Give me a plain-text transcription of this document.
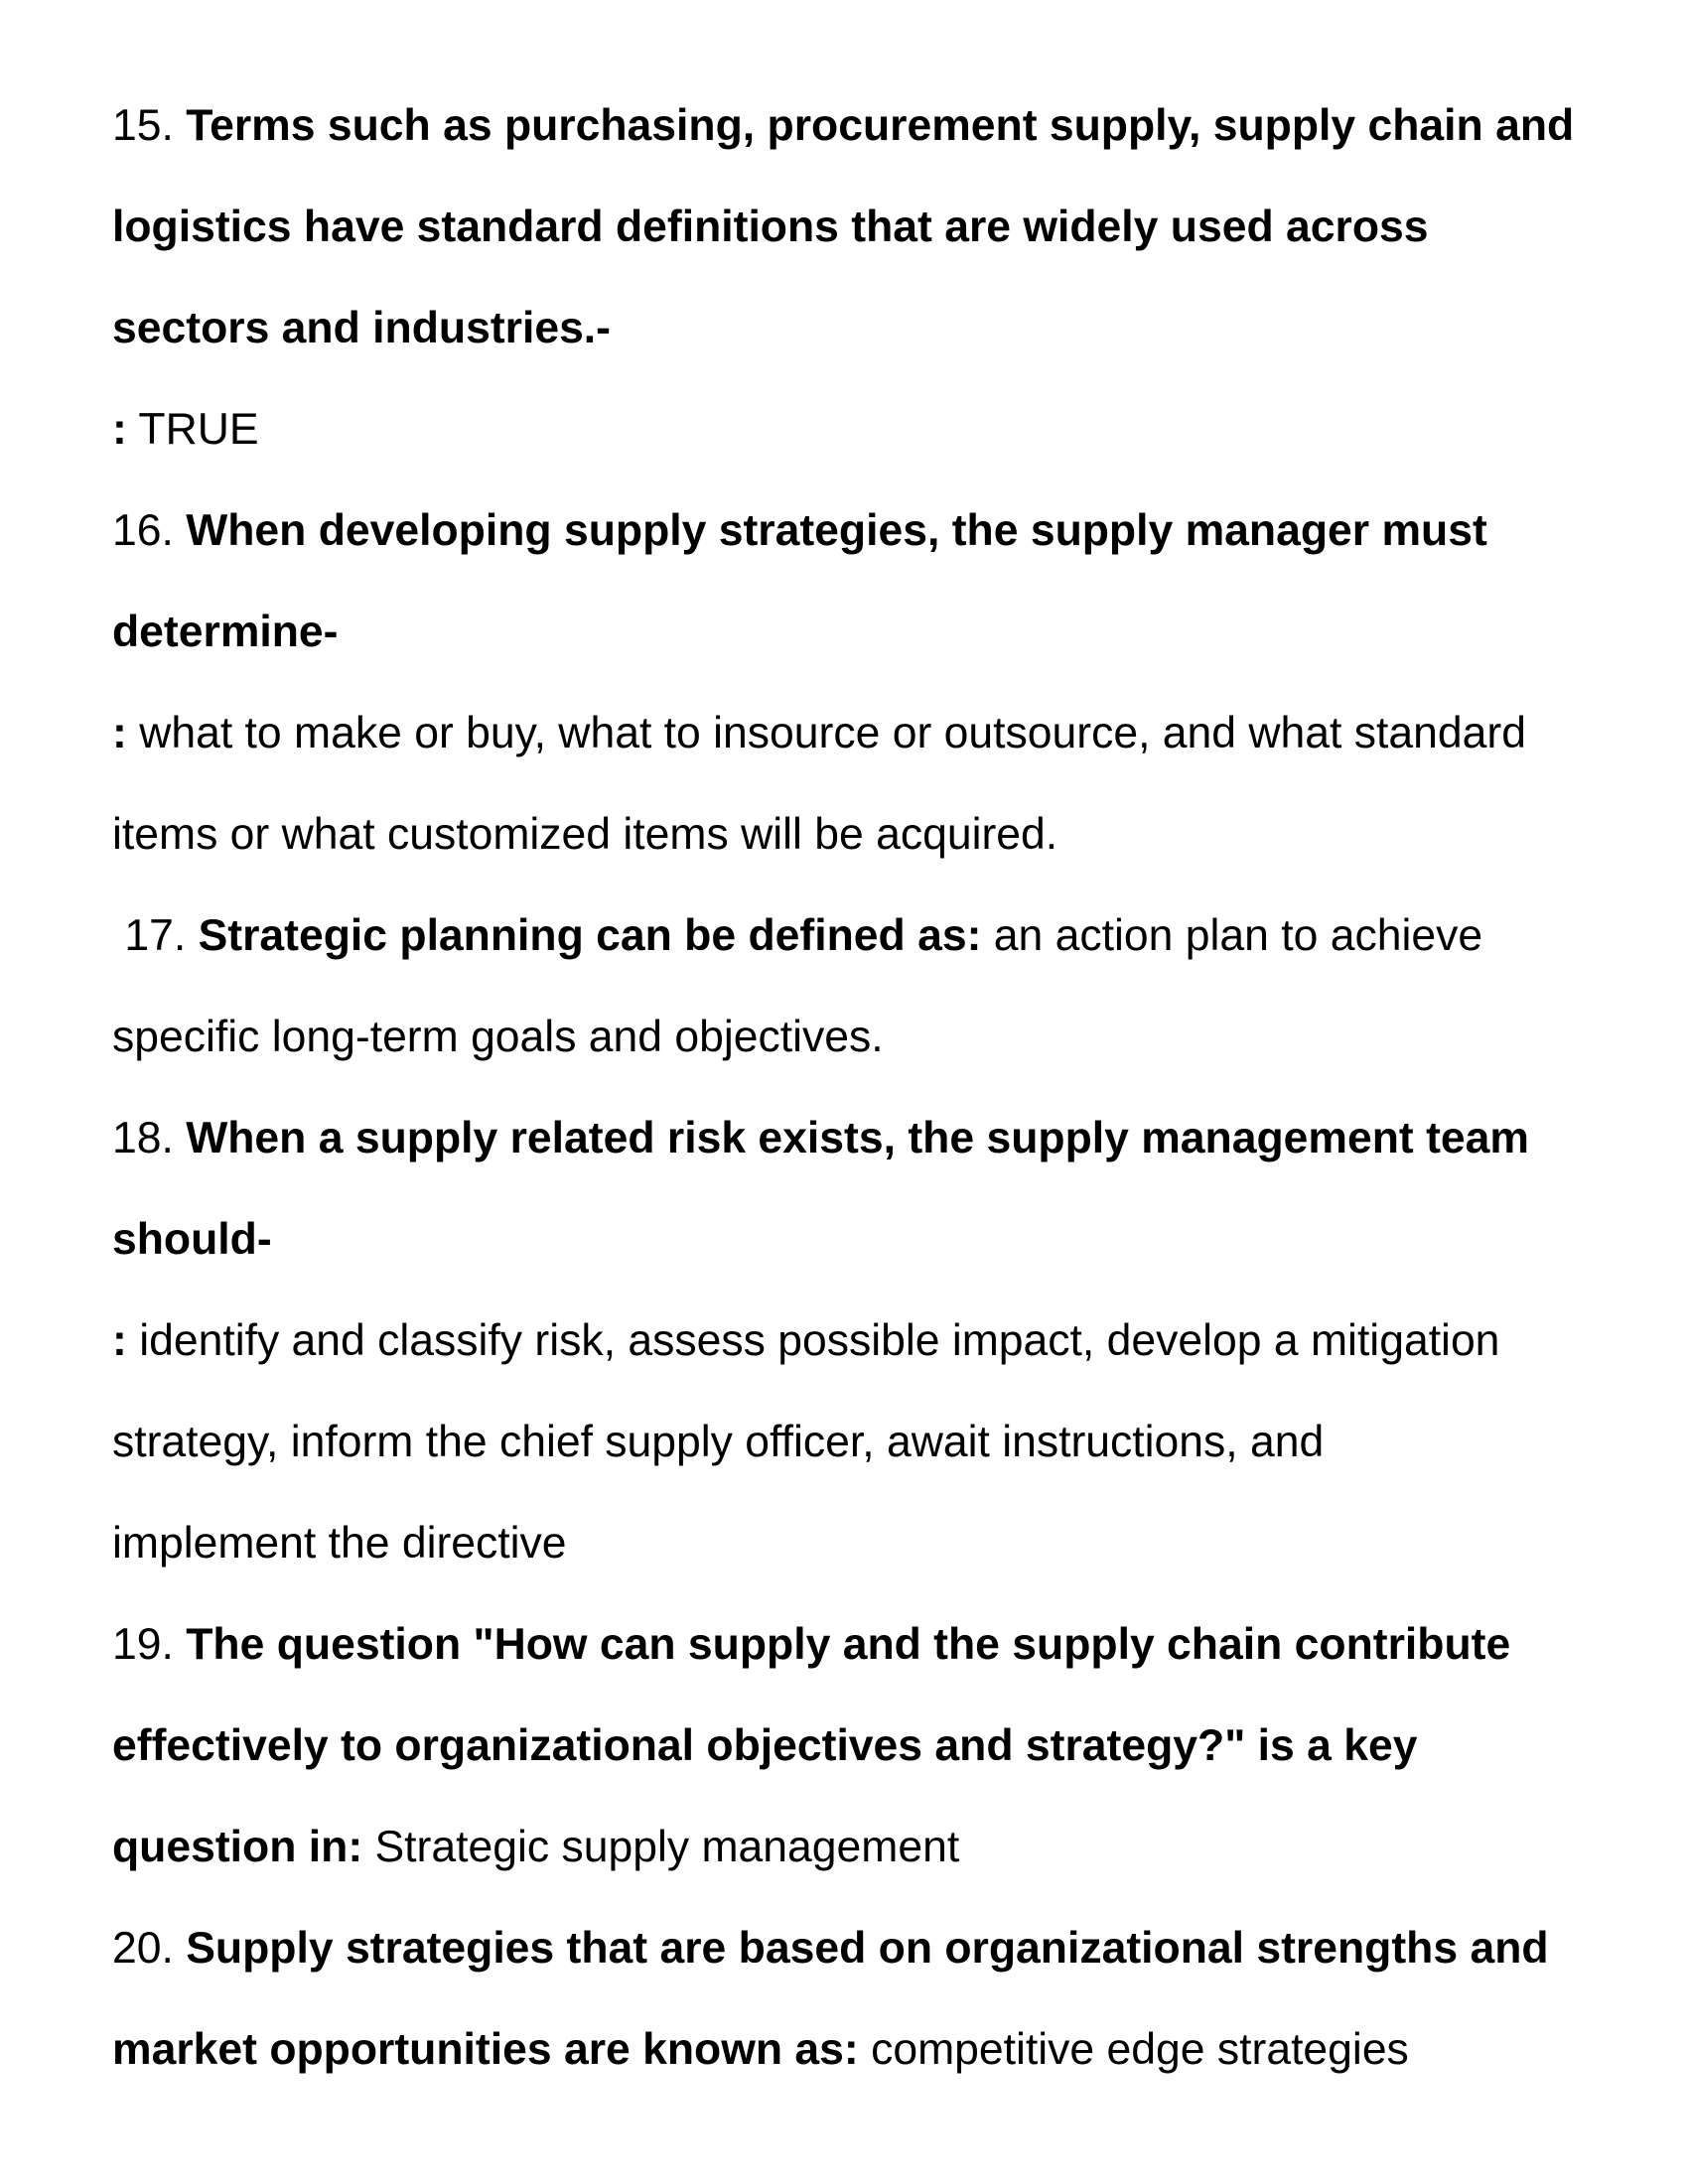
15. Terms such as purchasing, procurement supply, supply chain and
logistics have standard definitions that are widely used across
sectors and industries.-
: TRUE
16. When developing supply strategies, the supply manager must
determine-
: what to make or buy, what to insource or outsource, and what standard
items or what customized items will be acquired.
17. Strategic planning can be defined as: an action plan to achieve
specific long-term goals and objectives.
18. When a supply related risk exists, the supply management team
should-
: identify and classify risk, assess possible impact, develop a mitigation
strategy, inform the chief supply officer, await instructions, and
implement the directive
19. The question "How can supply and the supply chain contribute
effectively to organizational objectives and strategy?" is a key
question in: Strategic supply management
20. Supply strategies that are based on organizational strengths and
market opportunities are known as: competitive edge strategies
